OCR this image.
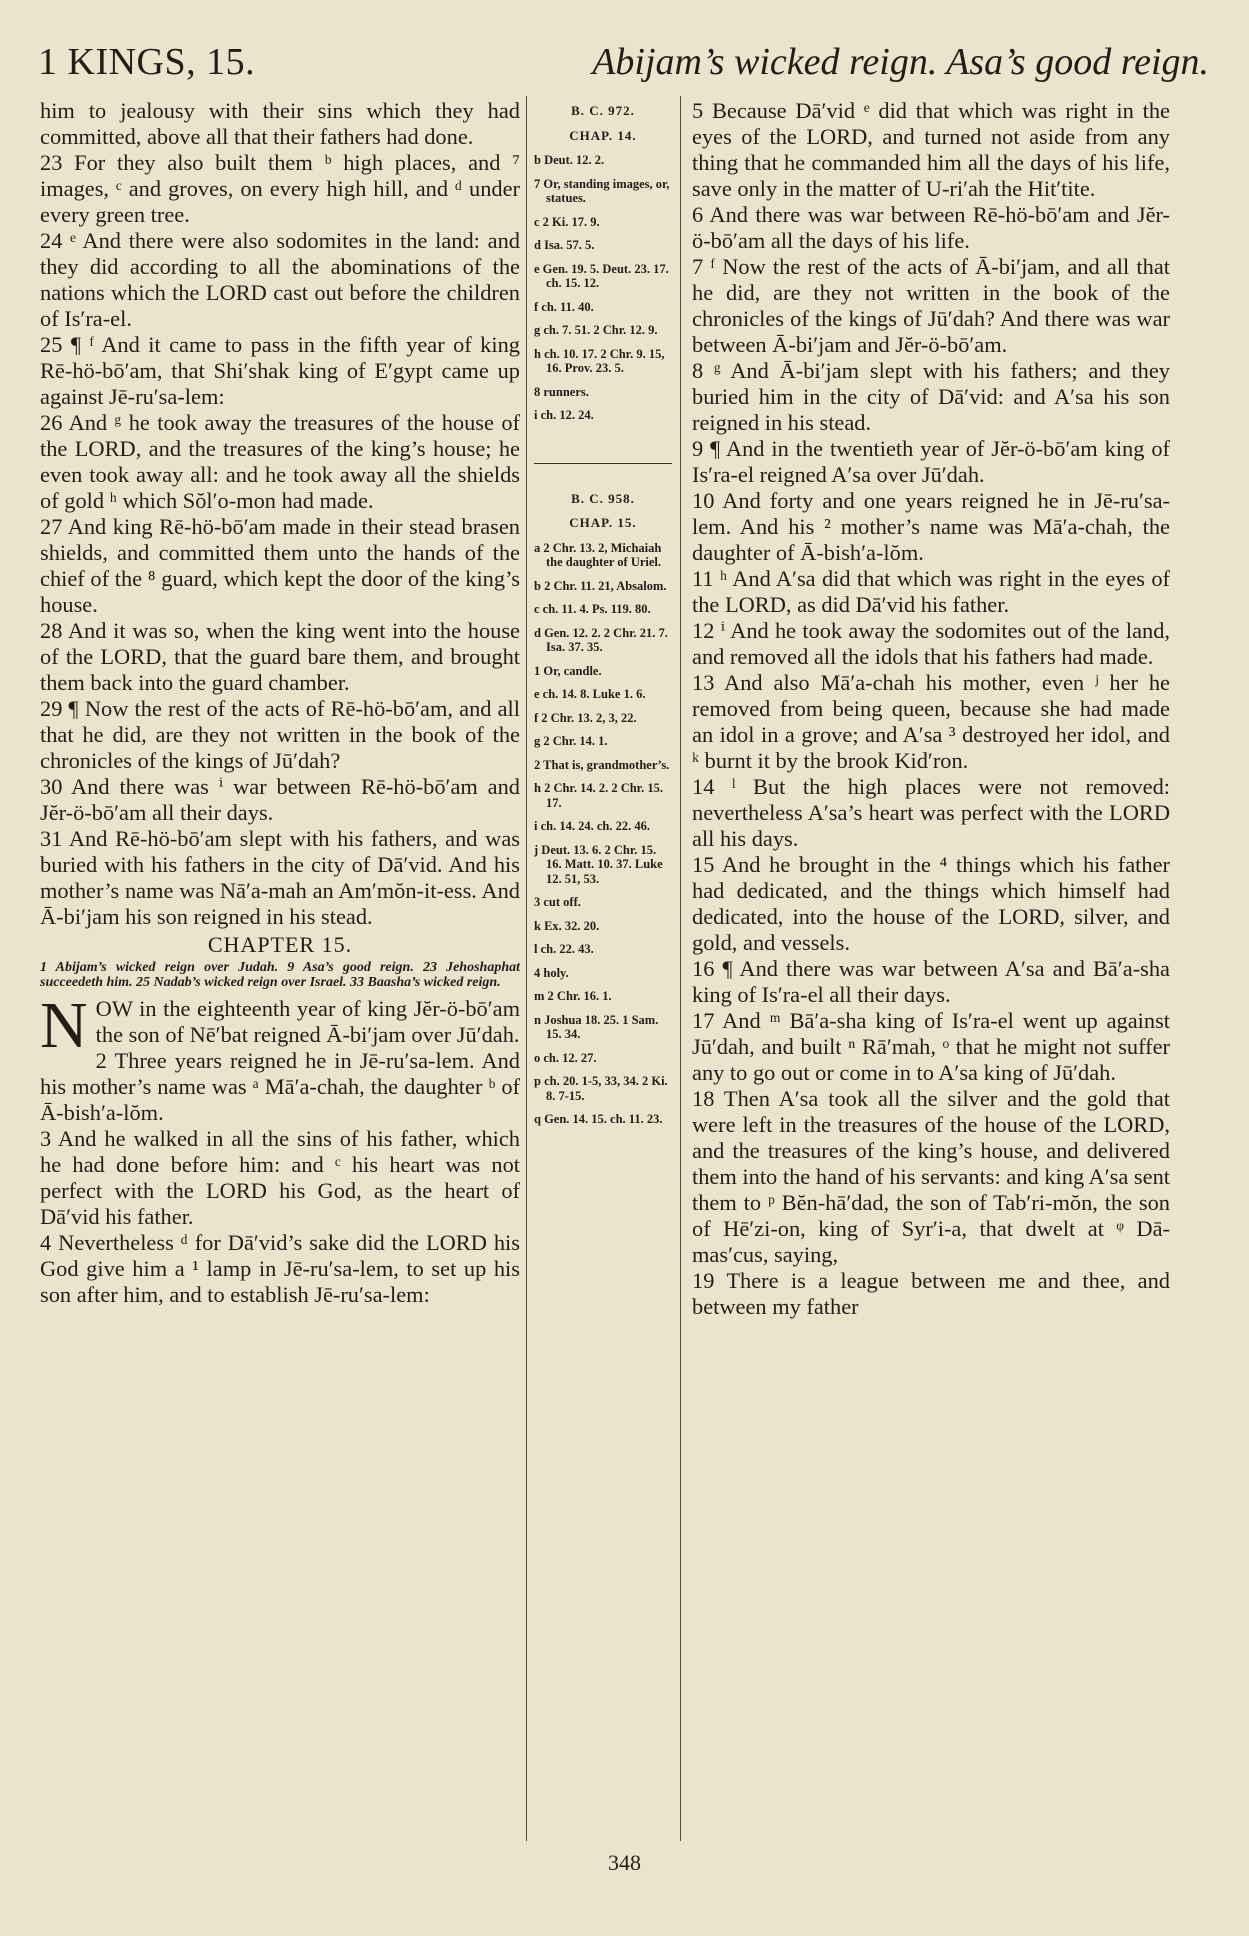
1 KINGS, 15.	Abijam’s wicked reign. Asa’s good reign.

him to jealousy with their sins which they had committed, above all that their fathers had done.

23 For they also built them ᵇ high places, and ⁷ images, ᶜ and groves, on every high hill, and ᵈ under every green tree.

24 ᵉ And there were also sodomites in the land: and they did according to all the abominations of the nations which the LORD cast out before the children of Is′ra-el.

25 ¶ ᶠ And it came to pass in the fifth year of king Rē-hö-bō′am, that Shi′shak king of E′gypt came up against Jē-ru′sa-lem:

26 And ᵍ he took away the treasures of the house of the LORD, and the treasures of the king’s house; he even took away all: and he took away all the shields of gold ʰ which Sŏl′o-mon had made.

27 And king Rē-hö-bō′am made in their stead brasen shields, and committed them unto the hands of the chief of the ⁸ guard, which kept the door of the king’s house.

28 And it was so, when the king went into the house of the LORD, that the guard bare them, and brought them back into the guard chamber.

29 ¶ Now the rest of the acts of Rē-hö-bō′am, and all that he did, are they not written in the book of the chronicles of the kings of Jū′dah?

30 And there was ⁱ war between Rē-hö-bō′am and Jĕr-ö-bō′am all their days.

31 And Rē-hö-bō′am slept with his fathers, and was buried with his fathers in the city of Dā′vid. And his mother’s name was Nā′a-mah an Am′mŏn-it-ess. And Ā-bi′jam his son reigned in his stead.

CHAPTER 15.
1 Abijam’s wicked reign over Judah. 9 Asa’s good reign. 23 Jehoshaphat succeedeth him. 25 Nadab’s wicked reign over Israel. 33 Baasha’s wicked reign.

NOW in the eighteenth year of king Jĕr-ö-bō′am the son of Nē′bat reigned Ā-bi′jam over Jū′dah.

2 Three years reigned he in Jē-ru′sa-lem. And his mother’s name was ᵃ Mā′a-chah, the daughter ᵇ of Ā-bish′a-lŏm.

3 And he walked in all the sins of his father, which he had done before him: and ᶜ his heart was not perfect with the LORD his God, as the heart of Dā′vid his father.

4 Nevertheless ᵈ for Dā′vid’s sake did the LORD his God give him a ¹ lamp in Jē-ru′sa-lem, to set up his son after him, and to establish Jē-ru′sa-lem:

B. C. 972.
CHAP. 14.
b Deut. 12. 2.
7 Or, standing images, or, statues.
c 2 Ki. 17. 9.
d Isa. 57. 5.
e Gen. 19. 5. Deut. 23. 17. ch. 15. 12.
f ch. 11. 40.
g ch. 7. 51. 2 Chr. 12. 9.
h ch. 10. 17. 2 Chr. 9. 15, 16. Prov. 23. 5.
8 runners.
i ch. 12. 24.
B. C. 958.
CHAP. 15.
a 2 Chr. 13. 2, Michaiah the daughter of Uriel.
b 2 Chr. 11. 21, Absalom.
c ch. 11. 4. Ps. 119. 80.
d Gen. 12. 2. 2 Chr. 21. 7. Isa. 37. 35.
1 Or, candle.
e ch. 14. 8. Luke 1. 6.
f 2 Chr. 13. 2, 3, 22.
g 2 Chr. 14. 1.
2 That is, grandmother’s.
h 2 Chr. 14. 2. 2 Chr. 15. 17.
i ch. 14. 24. ch. 22. 46.
j Deut. 13. 6. 2 Chr. 15. 16. Matt. 10. 37. Luke 12. 51, 53.
3 cut off.
k Ex. 32. 20.
l ch. 22. 43.
4 holy.
m 2 Chr. 16. 1.
n Joshua 18. 25. 1 Sam. 15. 34.
o ch. 12. 27.
p ch. 20. 1-5, 33, 34. 2 Ki. 8. 7-15.
q Gen. 14. 15. ch. 11. 23.

5 Because Dā′vid ᵉ did that which was right in the eyes of the LORD, and turned not aside from any thing that he commanded him all the days of his life, save only in the matter of U-ri′ah the Hit′tite.

6 And there was war between Rē-hö-bō′am and Jĕr-ö-bō′am all the days of his life.

7 ᶠ Now the rest of the acts of Ā-bi′jam, and all that he did, are they not written in the book of the chronicles of the kings of Jū′dah? And there was war between Ā-bi′jam and Jĕr-ö-bō′am.

8 ᵍ And Ā-bi′jam slept with his fathers; and they buried him in the city of Dā′vid: and A′sa his son reigned in his stead.

9 ¶ And in the twentieth year of Jĕr-ö-bō′am king of Is′ra-el reigned A′sa over Jū′dah.

10 And forty and one years reigned he in Jē-ru′sa-lem. And his ² mother’s name was Mā′a-chah, the daughter of Ā-bish′a-lŏm.

11 ʰ And A′sa did that which was right in the eyes of the LORD, as did Dā′vid his father.

12 ⁱ And he took away the sodomites out of the land, and removed all the idols that his fathers had made.

13 And also Mā′a-chah his mother, even ʲ her he removed from being queen, because she had made an idol in a grove; and A′sa ³ destroyed her idol, and ᵏ burnt it by the brook Kid′ron.

14 ˡ But the high places were not removed: nevertheless A′sa’s heart was perfect with the LORD all his days.

15 And he brought in the ⁴ things which his father had dedicated, and the things which himself had dedicated, into the house of the LORD, silver, and gold, and vessels.

16 ¶ And there was war between A′sa and Bā′a-sha king of Is′ra-el all their days.

17 And ᵐ Bā′a-sha king of Is′ra-el went up against Jū′dah, and built ⁿ Rā′mah, ᵒ that he might not suffer any to go out or come in to A′sa king of Jū′dah.

18 Then A′sa took all the silver and the gold that were left in the treasures of the house of the LORD, and the treasures of the king’s house, and delivered them into the hand of his servants: and king A′sa sent them to ᵖ Bĕn-hā′dad, the son of Tab′ri-mŏn, the son of Hē′zi-on, king of Syr′i-a, that dwelt at ᵠ Dā-mas′cus, saying,

19 There is a league between me and thee, and between my father

348
